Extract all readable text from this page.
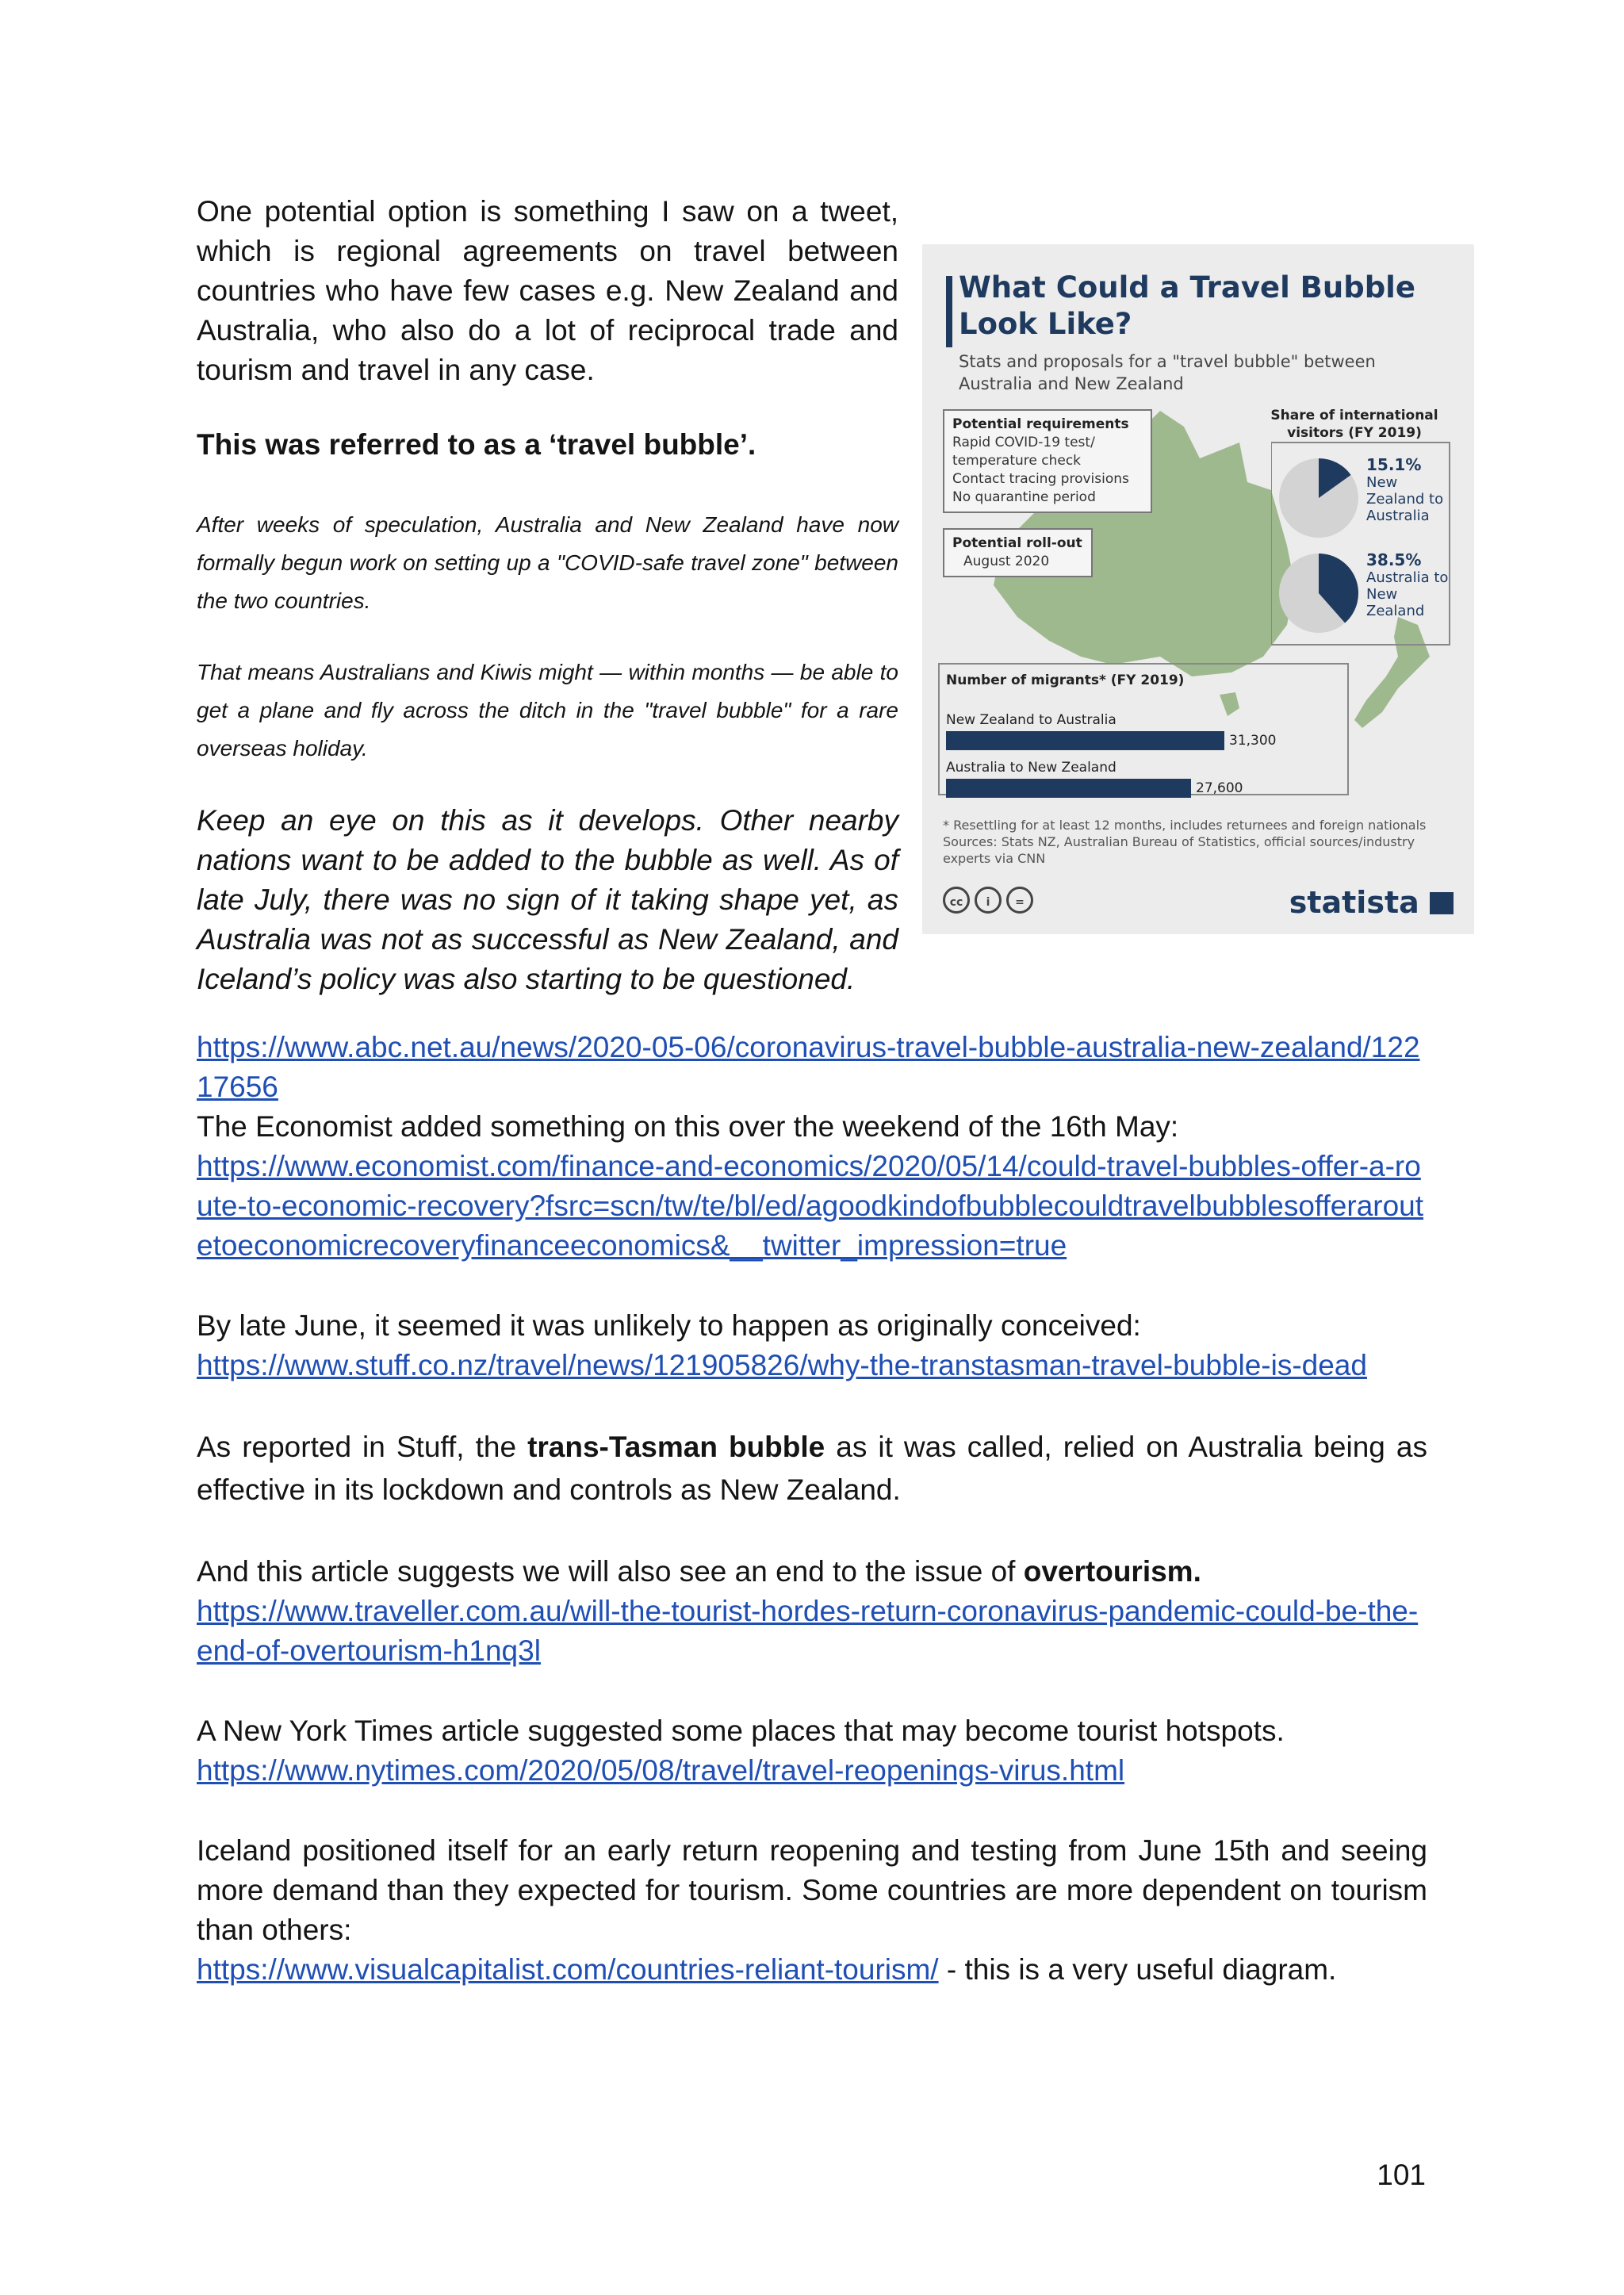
One potential option is something I saw on a tweet, which is regional agreements on travel between countries who have few cases e.g. New Zealand and Australia, who also do a lot of reciprocal trade and tourism and travel in any case.

This was referred to as a ‘travel bubble’.

After weeks of speculation, Australia and New Zealand have now formally begun work on setting up a "COVID-safe travel zone" between the two countries.

That means Australians and Kiwis might — within months — be able to get a plane and fly across the ditch in the "travel bubble" for a rare overseas holiday.

Keep an eye on this as it develops. Other nearby nations want to be added to the bubble as well. As of late July, there was no sign of it taking shape yet, as Australia was not as successful as New Zealand, and Iceland’s policy was also starting to be questioned.

What Could a Travel Bubble
Look Like?
Stats and proposals for a "travel bubble" between Australia and New Zealand
Potential requirements
Rapid COVID-19 test/ temperature check
Contact tracing provisions
No quarantine period
Potential roll-out
August 2020
Share of international visitors (FY 2019)
15.1%
New Zealand to Australia
38.5%
Australia to New Zealand
Number of migrants* (FY 2019)
New Zealand to Australia
31,300
Australia to New Zealand
27,600
* Resettling for at least 12 months, includes returnees and foreign nationals
Sources: Stats NZ, Australian Bureau of Statistics, official sources/industry experts via CNN
cc	i	=	statista

https://www.abc.net.au/news/2020-05-06/coronavirus-travel-bubble-australia-new-zealand/12217656

The Economist added something on this over the weekend of the 16th May:

https://www.economist.com/finance-and-economics/2020/05/14/could-travel-bubbles-offer-a-route-to-economic-recovery?fsrc=scn/tw/te/bl/ed/agoodkindofbubblecouldtravelbubblesofferaroutetoeconomicrecoveryfinanceeconomics&__twitter_impression=true

By late June, it seemed it was unlikely to happen as originally conceived:

https://www.stuff.co.nz/travel/news/121905826/why-the-transtasman-travel-bubble-is-dead

As reported in Stuff, the trans-Tasman bubble as it was called, relied on Australia being as effective in its lockdown and controls as New Zealand.

And this article suggests we will also see an end to the issue of overtourism.

https://www.traveller.com.au/will-the-tourist-hordes-return-coronavirus-pandemic-could-be-the-end-of-overtourism-h1nq3l

A New York Times article suggested some places that may become tourist hotspots.

https://www.nytimes.com/2020/05/08/travel/travel-reopenings-virus.html

Iceland positioned itself for an early return reopening and testing from June 15th and seeing more demand than they expected for tourism. Some countries are more dependent on tourism than others:

https://www.visualcapitalist.com/countries-reliant-tourism/ - this is a very useful diagram.

101
